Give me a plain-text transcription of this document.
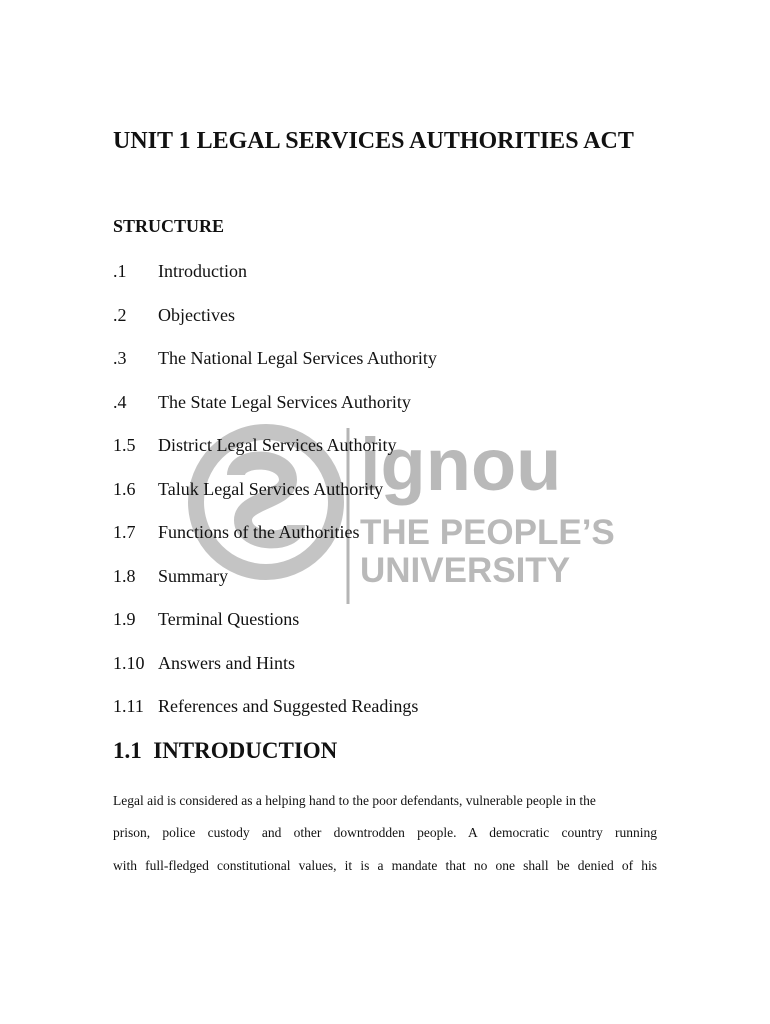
ignou
THE PEOPLE’S
UNIVERSITY
UNIT 1 LEGAL SERVICES AUTHORITIES ACT
STRUCTURE
.1 Introduction
.2 Objectives
.3 The National Legal Services Authority
.4 The State Legal Services Authority
1.5 District Legal Services Authority
1.6 Taluk Legal Services Authority
1.7 Functions of the Authorities
1.8 Summary
1.9 Terminal Questions
1.10 Answers and Hints
1.11 References and Suggested Readings
1.1  INTRODUCTION
Legal aid is considered as a helping hand to the poor defendants, vulnerable people in the
prison, police custody and other downtrodden people. A democratic country running
with full-fledged constitutional values, it is a mandate that no one shall be denied of his
